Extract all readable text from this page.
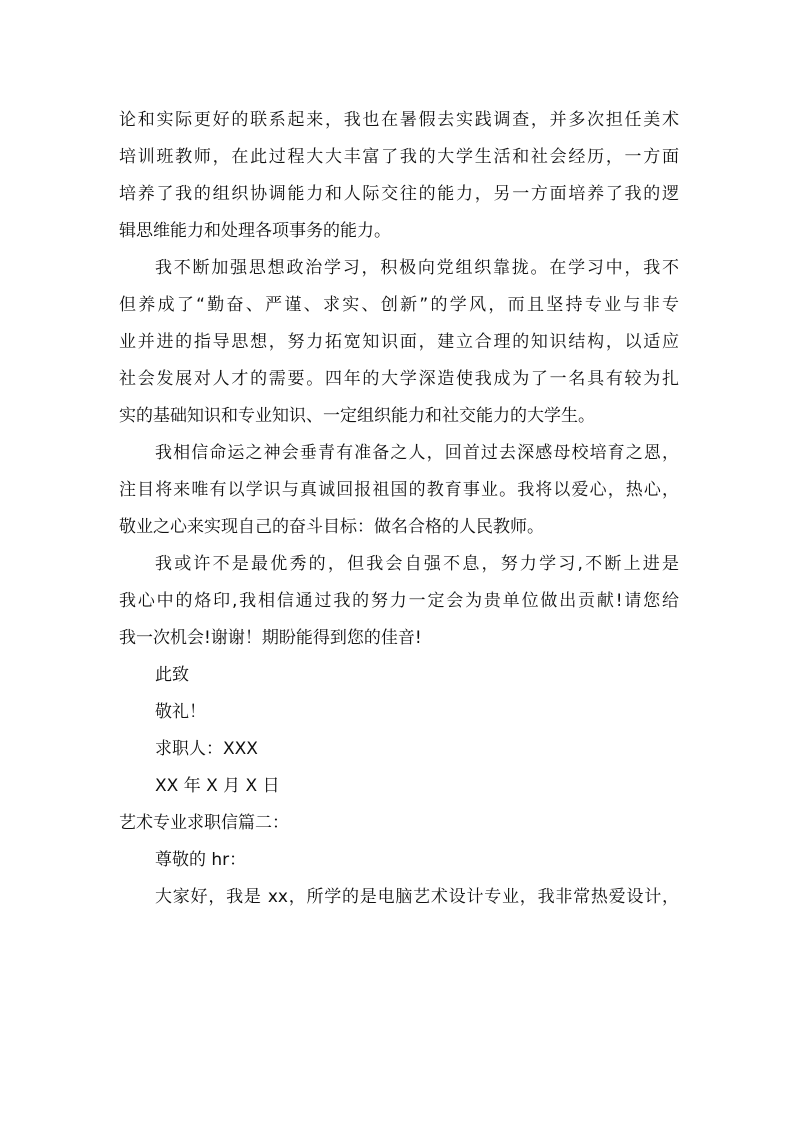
论和实际更好的联系起来，我也在暑假去实践调查，并多次担任美术
培训班教师，在此过程大大丰富了我的大学生活和社会经历，一方面
培养了我的组织协调能力和人际交往的能力，另一方面培养了我的逻
辑思维能力和处理各项事务的能力。
我不断加强思想政治学习，积极向党组织靠拢。在学习中，我不
但养成了“勤奋、严谨、求实、创新”的学风，而且坚持专业与非专
业并进的指导思想，努力拓宽知识面，建立合理的知识结构，以适应
社会发展对人才的需要。四年的大学深造使我成为了一名具有较为扎
实的基础知识和专业知识、一定组织能力和社交能力的大学生。
我相信命运之神会垂青有准备之人，回首过去深感母校培育之恩，
注目将来唯有以学识与真诚回报祖国的教育事业。我将以爱心，热心，
敬业之心来实现自己的奋斗目标：做名合格的人民教师。
我或许不是最优秀的，但我会自强不息，努力学习,不断上进是
我心中的烙印,我相信通过我的努力一定会为贵单位做出贡献!请您给
我一次机会!谢谢！期盼能得到您的佳音!
此致
敬礼！
求职人：XXX
XX 年 X 月 X 日
艺术专业求职信篇二：
尊敬的 hr：
大家好，我是 xx，所学的是电脑艺术设计专业，我非常热爱设计，
